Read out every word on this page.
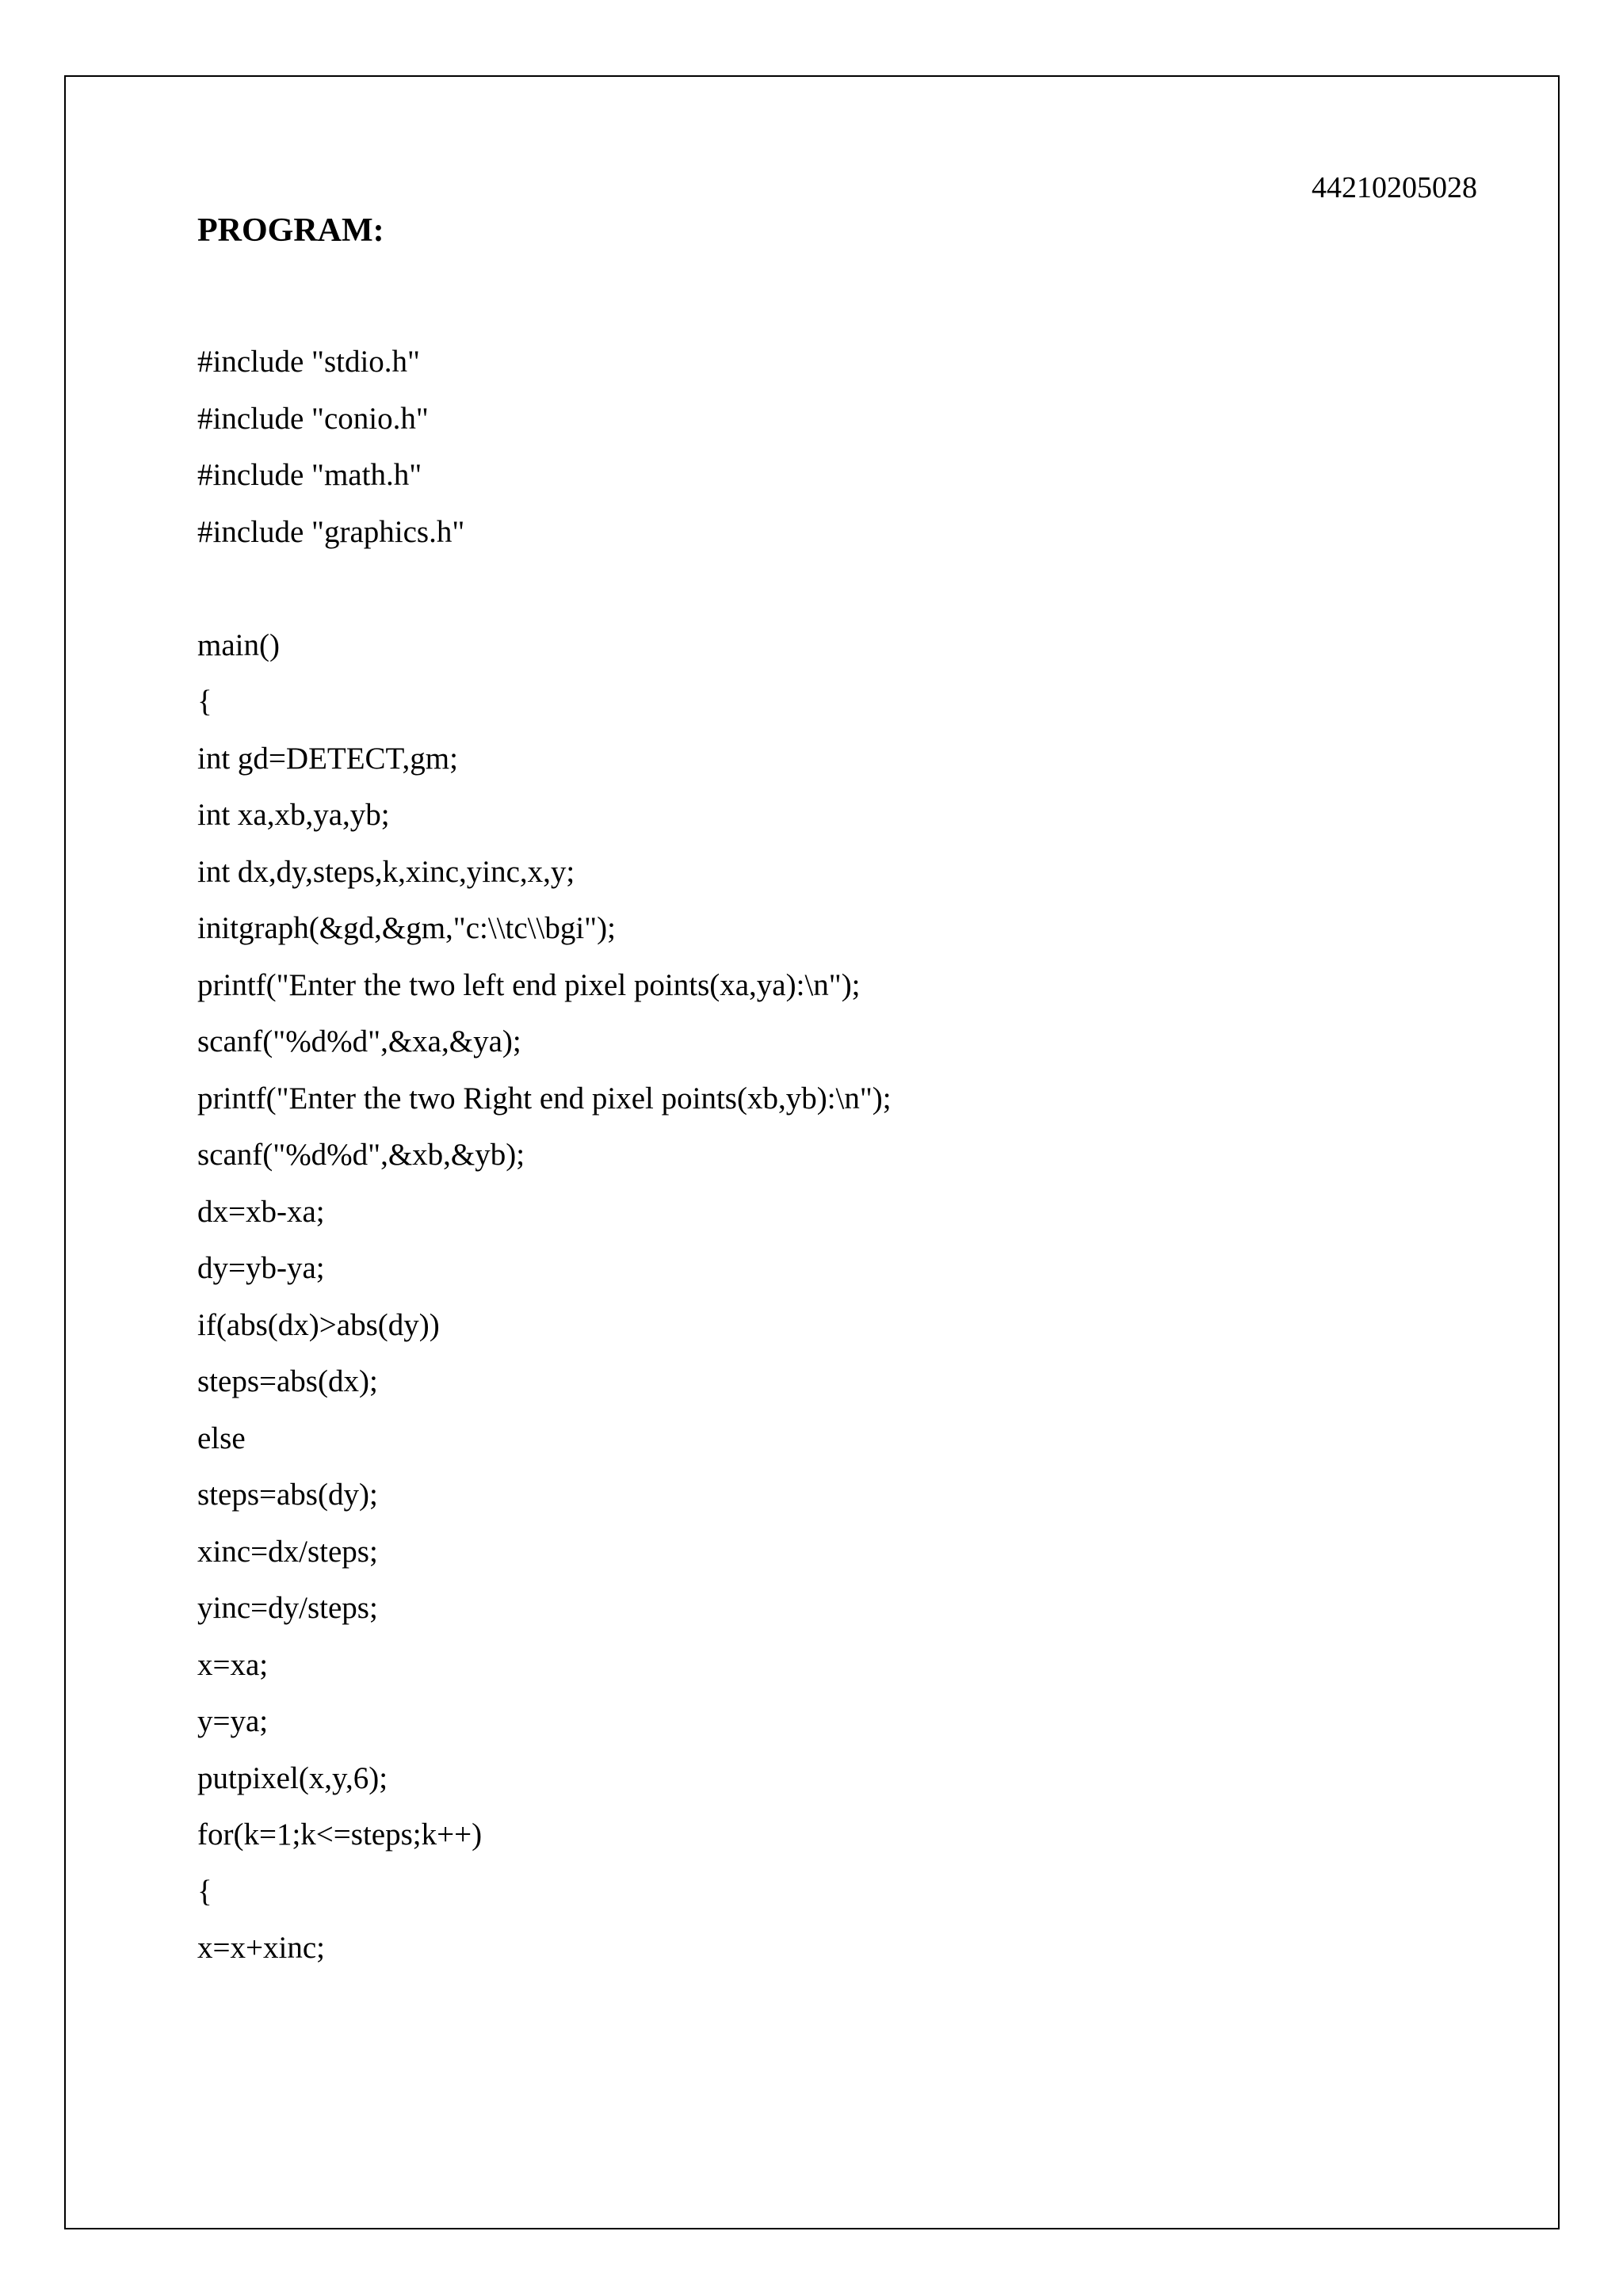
44210205028
PROGRAM:
#include "stdio.h"
#include "conio.h"
#include "math.h"
#include "graphics.h"
main()
{
int gd=DETECT,gm;
int xa,xb,ya,yb;
int dx,dy,steps,k,xinc,yinc,x,y;
initgraph(&gd,&gm,"c:\\tc\\bgi");
printf("Enter the two left end pixel points(xa,ya):\n");
scanf("%d%d",&xa,&ya);
printf("Enter the two Right end pixel points(xb,yb):\n");
scanf("%d%d",&xb,&yb);
dx=xb-xa;
dy=yb-ya;
if(abs(dx)>abs(dy))
steps=abs(dx);
else
steps=abs(dy);
xinc=dx/steps;
yinc=dy/steps;
x=xa;
y=ya;
putpixel(x,y,6);
for(k=1;k<=steps;k++)
{
x=x+xinc;
